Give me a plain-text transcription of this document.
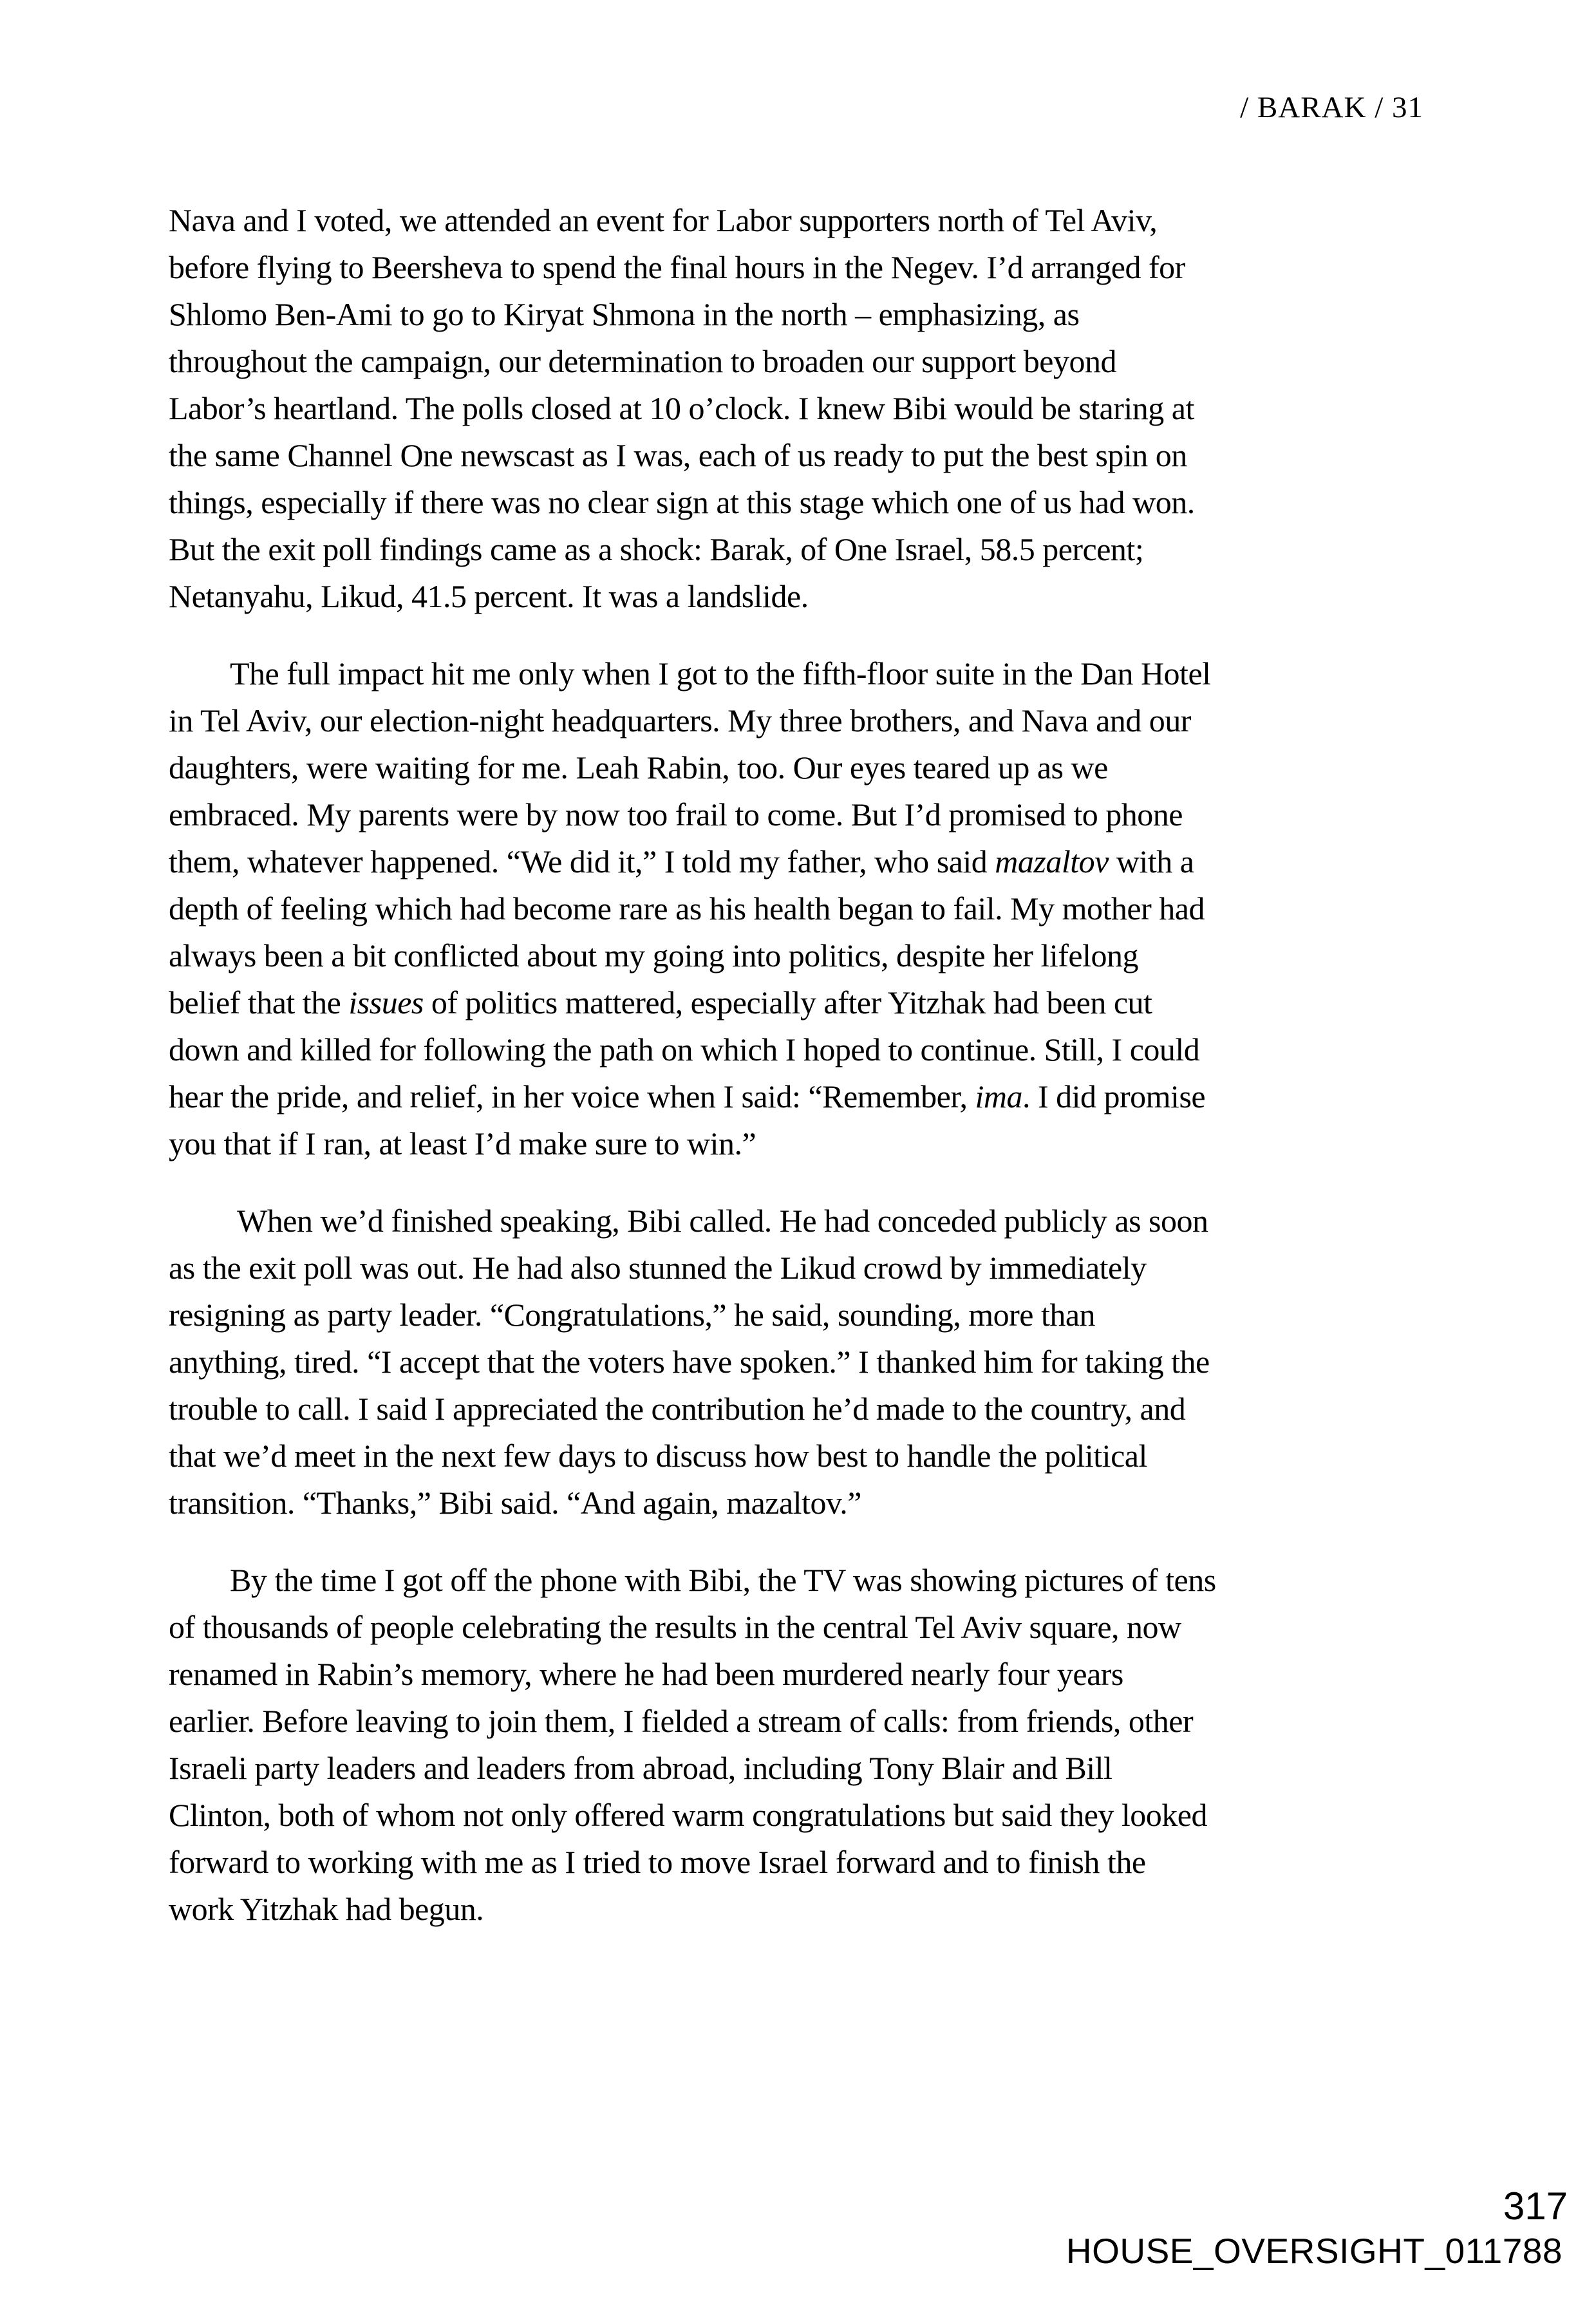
/ BARAK / 31
Nava and I voted, we attended an event for Labor supporters north of Tel Aviv,
before flying to Beersheva to spend the final hours in the Negev. I’d arranged for
Shlomo Ben-Ami to go to Kiryat Shmona in the north – emphasizing, as
throughout the campaign, our determination to broaden our support beyond
Labor’s heartland. The polls closed at 10 o’clock. I knew Bibi would be staring at
the same Channel One newscast as I was, each of us ready to put the best spin on
things, especially if there was no clear sign at this stage which one of us had won.
But the exit poll findings came as a shock: Barak, of One Israel, 58.5 percent;
Netanyahu, Likud, 41.5 percent. It was a landslide.
The full impact hit me only when I got to the fifth-floor suite in the Dan Hotel
in Tel Aviv, our election-night headquarters. My three brothers, and Nava and our
daughters, were waiting for me. Leah Rabin, too. Our eyes teared up as we
embraced. My parents were by now too frail to come. But I’d promised to phone
them, whatever happened. “We did it,” I told my father, who said mazaltov with a
depth of feeling which had become rare as his health began to fail. My mother had
always been a bit conflicted about my going into politics, despite her lifelong
belief that the issues of politics mattered, especially after Yitzhak had been cut
down and killed for following the path on which I hoped to continue. Still, I could
hear the pride, and relief, in her voice when I said: “Remember, ima. I did promise
you that if I ran, at least I’d make sure to win.”
When we’d finished speaking, Bibi called. He had conceded publicly as soon
as the exit poll was out. He had also stunned the Likud crowd by immediately
resigning as party leader. “Congratulations,” he said, sounding, more than
anything, tired. “I accept that the voters have spoken.” I thanked him for taking the
trouble to call. I said I appreciated the contribution he’d made to the country, and
that we’d meet in the next few days to discuss how best to handle the political
transition. “Thanks,” Bibi said. “And again, mazaltov.”
By the time I got off the phone with Bibi, the TV was showing pictures of tens
of thousands of people celebrating the results in the central Tel Aviv square, now
renamed in Rabin’s memory, where he had been murdered nearly four years
earlier. Before leaving to join them, I fielded a stream of calls: from friends, other
Israeli party leaders and leaders from abroad, including Tony Blair and Bill
Clinton, both of whom not only offered warm congratulations but said they looked
forward to working with me as I tried to move Israel forward and to finish the
work Yitzhak had begun.
317
HOUSE_OVERSIGHT_011788
